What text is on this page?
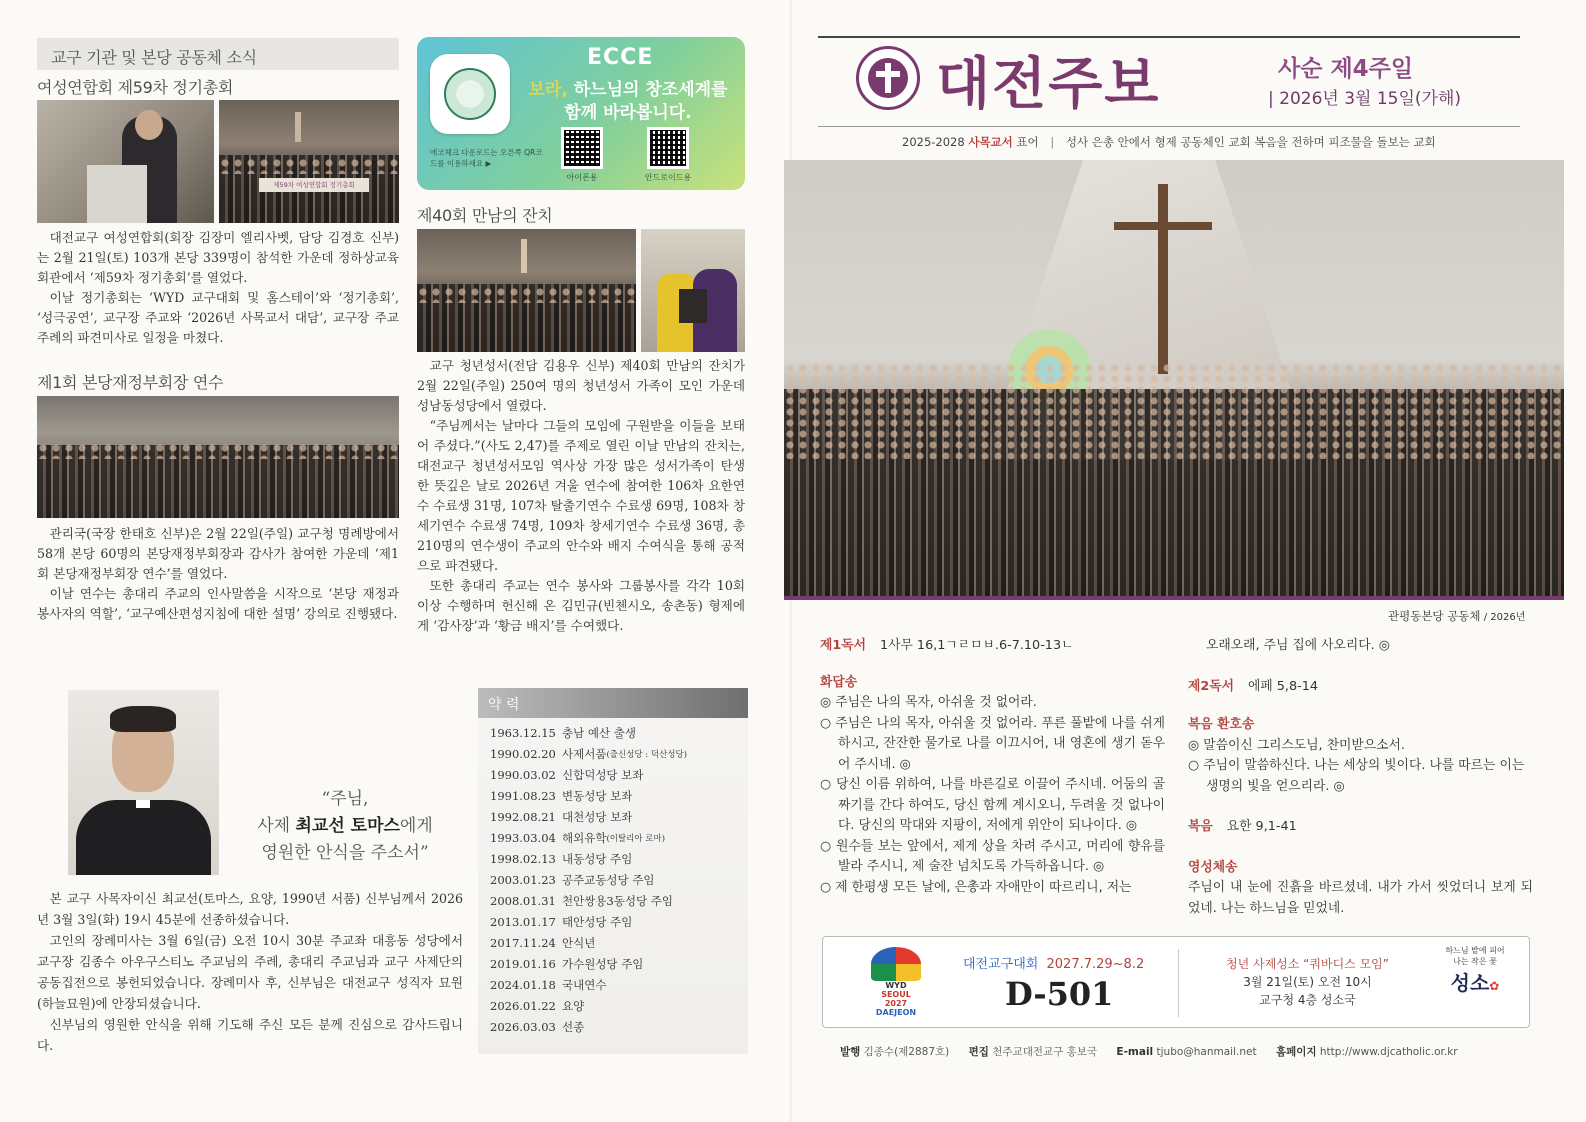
교구 기관 및 본당 공동체 소식
여성연합회 제59차 정기총회
제59차 여성연합회 정기총회

대전교구 여성연합회(회장 김장미 엘리사벳, 담당 김경호 신부)는 2월 21일(토) 103개 본당 339명이 참석한 가운데 정하상교육회관에서 ‘제59차 정기총회’를 열었다.

이날 정기총회는 ‘WYD 교구대회 및 홈스테이’와 ‘정기총회’, ‘성극공연’, 교구장 주교와 ‘2026년 사목교서 대담’, 교구장 주교 주례의 파견미사로 일정을 마쳤다.

제1회 본당재정부회장 연수

관리국(국장 한태호 신부)은 2월 22일(주일) 교구청 명례방에서 58개 본당 60명의 본당재정부회장과 감사가 참여한 가운데 ‘제1회 본당재정부회장 연수’를 열었다.

이날 연수는 총대리 주교의 인사말씀을 시작으로 ‘본당 재정과 봉사자의 역할’, ‘교구예산편성지침에 대한 설명’ 강의로 진행됐다.

ECCE
보라, 하느님의 창조세계를
함께 바라봅니다.
에코체크 다운로드는 오른쪽 QR코드를 이용하세요 ▶
아이폰용	안드로이드용
제40회 만남의 잔치

교구 청년성서(전담 김용우 신부) 제40회 만남의 잔치가 2월 22일(주일) 250여 명의 청년성서 가족이 모인 가운데 성남동성당에서 열렸다.

“주님께서는 날마다 그들의 모임에 구원받을 이들을 보태어 주셨다.”(사도 2,47)를 주제로 열린 이날 만남의 잔치는, 대전교구 청년성서모임 역사상 가장 많은 성서가족이 탄생한 뜻깊은 날로 2026년 겨울 연수에 참여한 106차 요한연수 수료생 31명, 107차 탈출기연수 수료생 69명, 108차 창세기연수 수료생 74명, 109차 창세기연수 수료생 36명, 총 210명의 연수생이 주교의 안수와 배지 수여식을 통해 공적으로 파견됐다.

또한 총대리 주교는 연수 봉사와 그룹봉사를 각각 10회 이상 수행하며 헌신해 온 김민규(빈첸시오, 송촌동) 형제에게 ‘감사장’과 ‘황금 배지’를 수여했다.

“주님,
사제 최교선 토마스에게
영원한 안식을 주소서”

본 교구 사목자이신 최교선(토마스, 요양, 1990년 서품) 신부님께서 2026년 3월 3일(화) 19시 45분에 선종하셨습니다.

고인의 장례미사는 3월 6일(금) 오전 10시 30분 주교좌 대흥동 성당에서 교구장 김종수 아우구스티노 주교님의 주례, 총대리 주교님과 교구 사제단의 공동집전으로 봉헌되었습니다. 장례미사 후, 신부님은 대전교구 성직자 묘원(하늘묘원)에 안장되셨습니다.

신부님의 영원한 안식을 위해 기도해 주신 모든 분께 진심으로 감사드립니다.

약 력
1963.12.15 충남 예산 출생
1990.02.20 사제서품 (출신성당 : 덕산성당)
1990.03.02 신합덕성당 보좌
1991.08.23 변동성당 보좌
1992.08.21 대천성당 보좌
1993.03.04 해외유학 (이탈리아 로마)
1998.02.13 내동성당 주임
2003.01.23 공주교동성당 주임
2008.01.31 천안쌍용3동성당 주임
2013.01.17 태안성당 주임
2017.11.24 안식년
2019.01.16 가수원성당 주임
2024.01.18 국내연수
2026.01.22 요양
2026.03.03 선종
대전주보	사순 제4주일
| 2026년 3월 15일(가해)
2025-2028 사목교서 표어 | 성사 은총 안에서 형제 공동체인 교회 복음을 전하며 피조물을 돌보는 교회
관평동본당 공동체 / 2026년
제1독서 1사무 16,1ㄱㄹㅁㅂ.6-7.10-13ㄴ
화답송
◎ 주님은 나의 목자, 아쉬울 것 없어라.
○ 주님은 나의 목자, 아쉬울 것 없어라. 푸른 풀밭에 나를 쉬게 하시고, 잔잔한 물가로 나를 이끄시어, 내 영혼에 생기 돋우어 주시네. ◎
○ 당신 이름 위하여, 나를 바른길로 이끌어 주시네. 어둠의 골짜기를 간다 하여도, 당신 함께 계시오니, 두려울 것 없나이다. 당신의 막대와 지팡이, 저에게 위안이 되나이다. ◎
○ 원수들 보는 앞에서, 제게 상을 차려 주시고, 머리에 향유를 발라 주시니, 제 술잔 넘치도록 가득하옵니다. ◎
○ 제 한평생 모든 날에, 은총과 자애만이 따르리니, 저는
오래오래, 주님 집에 사오리다. ◎
제2독서 에페 5,8-14
복음 환호송
◎ 말씀이신 그리스도님, 찬미받으소서.
○ 주님이 말씀하신다. 나는 세상의 빛이다. 나를 따르는 이는 생명의 빛을 얻으리라. ◎
복음 요한 9,1-41
영성체송
주님이 내 눈에 진흙을 바르셨네. 내가 가서 씻었더니 보게 되었네. 나는 하느님을 믿었네.
WYD
SEOUL
2027
DAEJEON
대전교구대회 2027.7.29~8.2
D-501
청년 사제성소 “쿼바디스 모임”
3월 21일(토) 오전 10시
교구청 4층 성소국
하느님 밭에 피어나는 작은 꽃
성소✿
발행 김종수(제2887호) 편집 천주교대전교구 홍보국 E-mail tjubo@hanmail.net 홈페이지 http://www.djcatholic.or.kr
